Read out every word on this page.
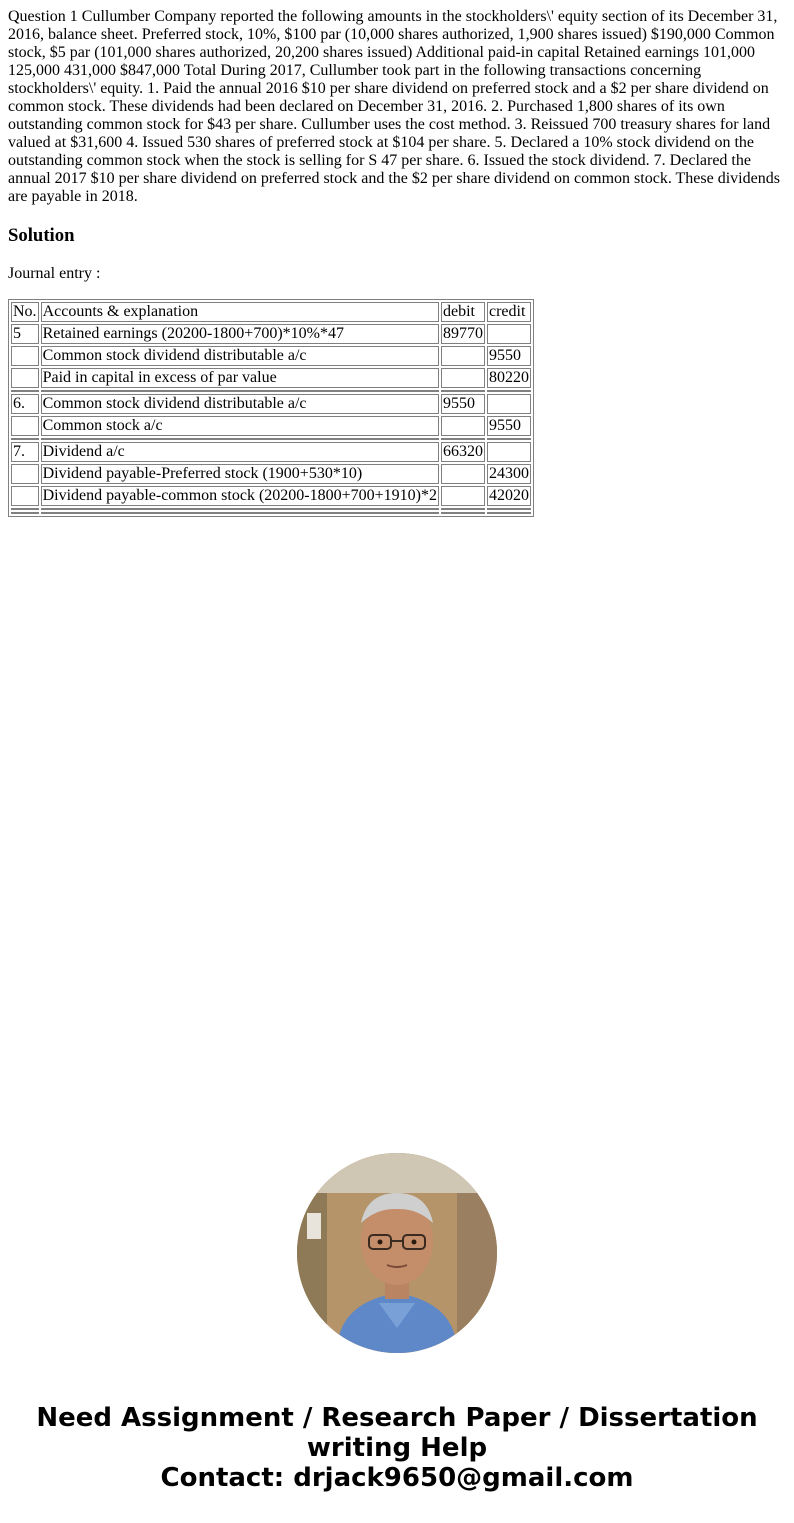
Question 1 Cullumber Company reported the following amounts in the stockholders\' equity section of its December 31, 2016, balance sheet. Preferred stock, 10%, $100 par (10,000 shares authorized, 1,900 shares issued) $190,000 Common stock, $5 par (101,000 shares authorized, 20,200 shares issued) Additional paid-in capital Retained earnings 101,000 125,000 431,000 $847,000 Total During 2017, Cullumber took part in the following transactions concerning stockholders\' equity. 1. Paid the annual 2016 $10 per share dividend on preferred stock and a $2 per share dividend on common stock. These dividends had been declared on December 31, 2016. 2. Purchased 1,800 shares of its own outstanding common stock for $43 per share. Cullumber uses the cost method. 3. Reissued 700 treasury shares for land valued at $31,600 4. Issued 530 shares of preferred stock at $104 per share. 5. Declared a 10% stock dividend on the outstanding common stock when the stock is selling for S 47 per share. 6. Issued the stock dividend. 7. Declared the annual 2017 $10 per share dividend on preferred stock and the $2 per share dividend on common stock. These dividends are payable in 2018.

Solution

Journal entry :

No.	Accounts & explanation	debit	credit
5	Retained earnings (20200-1800+700)*10%*47	89770	
	Common stock dividend distributable a/c		9550
	Paid in capital in excess of par value		80220

6.	Common stock dividend distributable a/c	9550	
	Common stock a/c		9550

7.	Dividend a/c	66320	
	Dividend payable-Preferred stock (1900+530*10)		24300
	Dividend payable-common stock (20200-1800+700+1910)*2		42020

Need Assignment / Research Paper / Dissertation
writing Help
Contact: drjack9650@gmail.com
